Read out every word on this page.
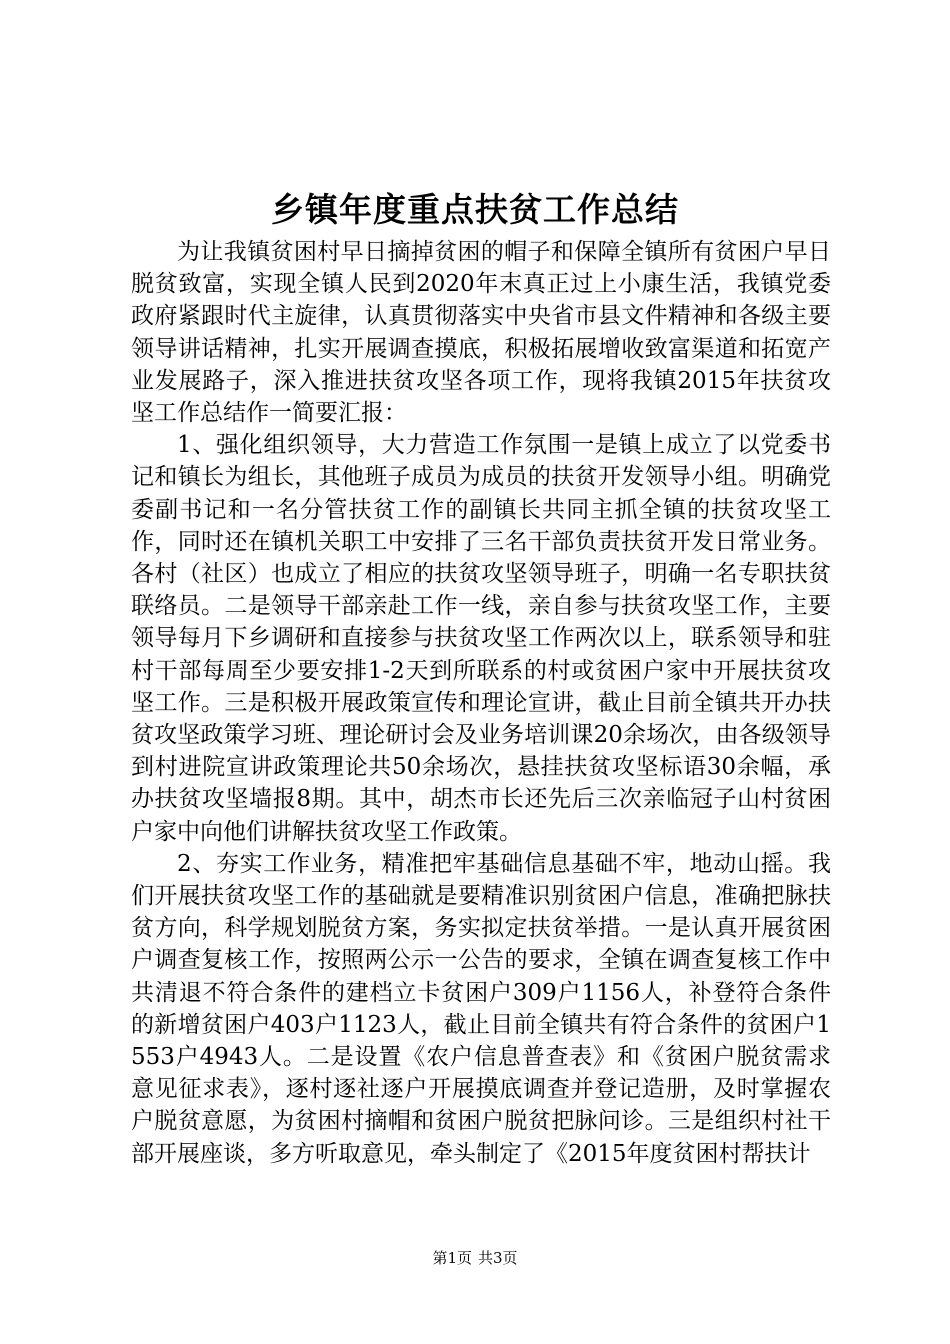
乡镇年度重点扶贫工作总结

为让我镇贫困村早日摘掉贫困的帽子和保障全镇所有贫困户早日脱贫致富，实现全镇人民到2020年末真正过上小康生活，我镇党委政府紧跟时代主旋律，认真贯彻落实中央省市县文件精神和各级主要领导讲话精神，扎实开展调查摸底，积极拓展增收致富渠道和拓宽产业发展路子，深入推进扶贫攻坚各项工作，现将我镇2015年扶贫攻坚工作总结作一简要汇报：

1、强化组织领导，大力营造工作氛围一是镇上成立了以党委书记和镇长为组长，其他班子成员为成员的扶贫开发领导小组。明确党委副书记和一名分管扶贫工作的副镇长共同主抓全镇的扶贫攻坚工作，同时还在镇机关职工中安排了三名干部负责扶贫开发日常业务。各村（社区）也成立了相应的扶贫攻坚领导班子，明确一名专职扶贫联络员。二是领导干部亲赴工作一线，亲自参与扶贫攻坚工作，主要领导每月下乡调研和直接参与扶贫攻坚工作两次以上，联系领导和驻村干部每周至少要安排1-2天到所联系的村或贫困户家中开展扶贫攻坚工作。三是积极开展政策宣传和理论宣讲，截止目前全镇共开办扶贫攻坚政策学习班、理论研讨会及业务培训课20余场次，由各级领导到村进院宣讲政策理论共50余场次，悬挂扶贫攻坚标语30余幅，承办扶贫攻坚墙报8期。其中，胡杰市长还先后三次亲临冠子山村贫困户家中向他们讲解扶贫攻坚工作政策。

2、夯实工作业务，精准把牢基础信息基础不牢，地动山摇。我们开展扶贫攻坚工作的基础就是要精准识别贫困户信息，准确把脉扶贫方向，科学规划脱贫方案，务实拟定扶贫举措。一是认真开展贫困户调查复核工作，按照两公示一公告的要求，全镇在调查复核工作中共清退不符合条件的建档立卡贫困户309户1156人，补登符合条件的新增贫困户403户1123人，截止目前全镇共有符合条件的贫困户1553户4943人。二是设置《农户信息普查表》和《贫困户脱贫需求意见征求表》，逐村逐社逐户开展摸底调查并登记造册，及时掌握农户脱贫意愿，为贫困村摘帽和贫困户脱贫把脉问诊。三是组织村社干部开展座谈，多方听取意见，牵头制定了《2015年度贫困村帮扶计

第1页 共3页
